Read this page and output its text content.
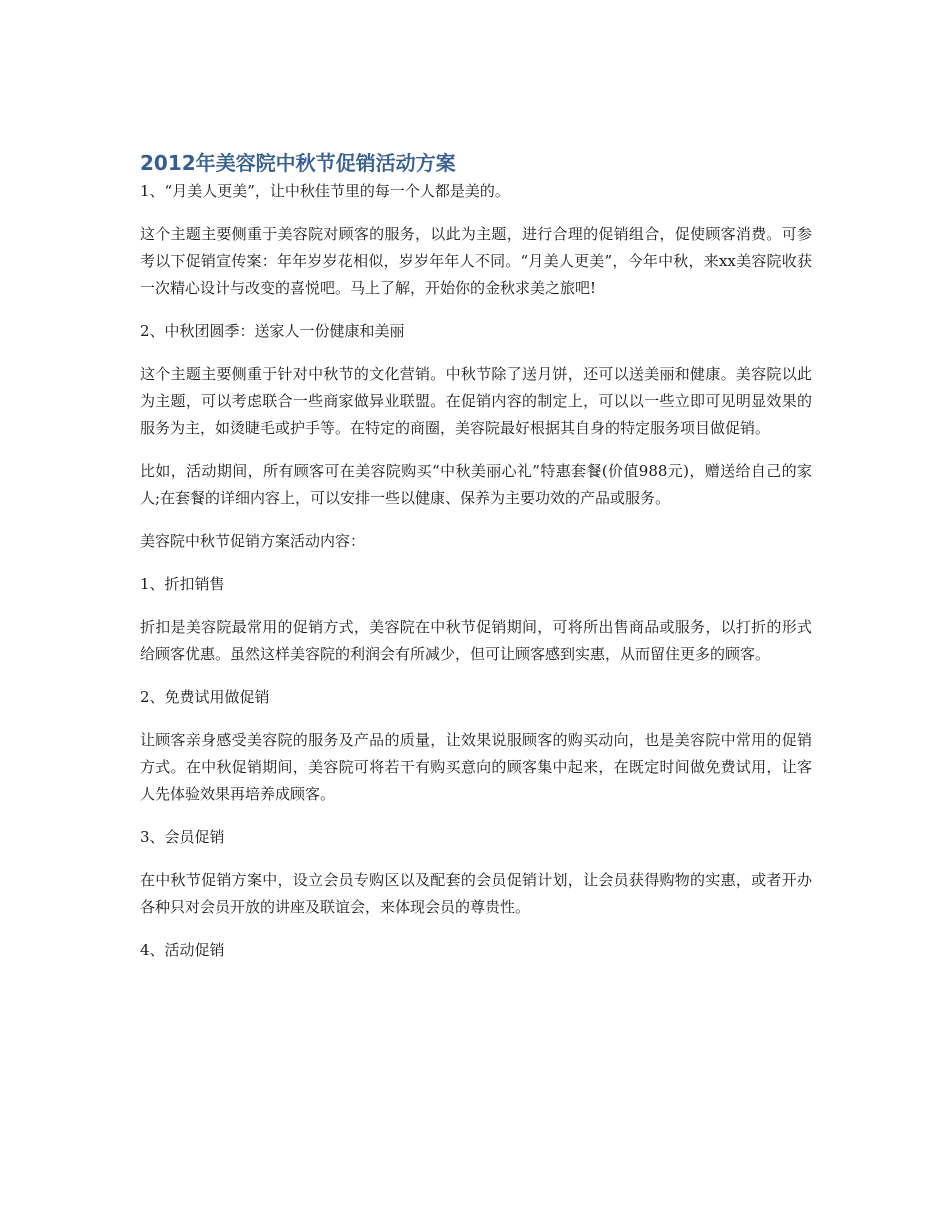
2012年美容院中秋节促销活动方案

1、“月美人更美”，让中秋佳节里的每一个人都是美的。

这个主题主要侧重于美容院对顾客的服务，以此为主题，进行合理的促销组合，促使顾客消费。可参考以下促销宣传案：年年岁岁花相似，岁岁年年人不同。“月美人更美”，今年中秋，来xx美容院收获一次精心设计与改变的喜悦吧。马上了解，开始你的金秋求美之旅吧!

2、中秋团圆季：送家人一份健康和美丽

这个主题主要侧重于针对中秋节的文化营销。中秋节除了送月饼，还可以送美丽和健康。美容院以此为主题，可以考虑联合一些商家做异业联盟。在促销内容的制定上，可以以一些立即可见明显效果的服务为主，如烫睫毛或护手等。在特定的商圈，美容院最好根据其自身的特定服务项目做促销。

比如，活动期间，所有顾客可在美容院购买“中秋美丽心礼”特惠套餐(价值988元)，赠送给自己的家人;在套餐的详细内容上，可以安排一些以健康、保养为主要功效的产品或服务。

美容院中秋节促销方案活动内容：

1、折扣销售

折扣是美容院最常用的促销方式，美容院在中秋节促销期间，可将所出售商品或服务，以打折的形式给顾客优惠。虽然这样美容院的利润会有所减少，但可让顾客感到实惠，从而留住更多的顾客。

2、免费试用做促销

让顾客亲身感受美容院的服务及产品的质量，让效果说服顾客的购买动向，也是美容院中常用的促销方式。在中秋促销期间，美容院可将若干有购买意向的顾客集中起来，在既定时间做免费试用，让客人先体验效果再培养成顾客。

3、会员促销

在中秋节促销方案中，设立会员专购区以及配套的会员促销计划，让会员获得购物的实惠，或者开办各种只对会员开放的讲座及联谊会，来体现会员的尊贵性。

4、活动促销
